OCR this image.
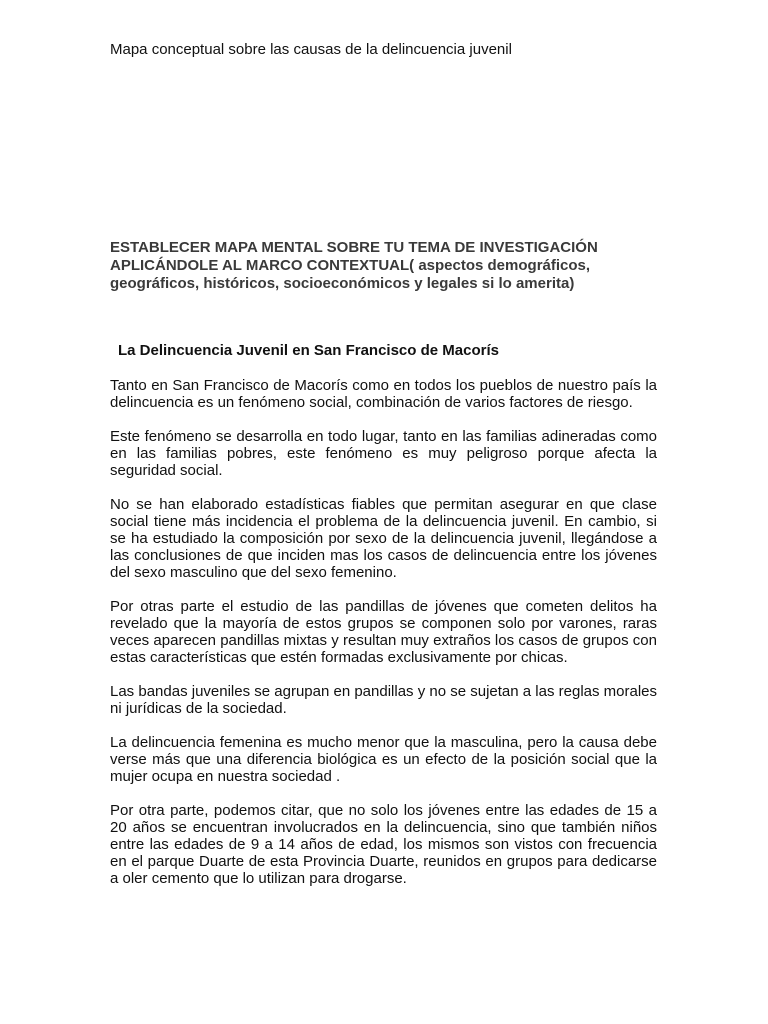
Mapa conceptual sobre las causas de la delincuencia juvenil

ESTABLECER MAPA MENTAL SOBRE TU TEMA DE INVESTIGACIÓN APLICÁNDOLE AL MARCO CONTEXTUAL( aspectos demográficos, geográficos, históricos, socioeconómicos y legales si lo amerita)

La Delincuencia Juvenil en San Francisco de Macorís

Tanto en San Francisco de Macorís como en todos los pueblos de nuestro país la delincuencia es un fenómeno social, combinación de varios factores de riesgo.

Este fenómeno se desarrolla en todo lugar, tanto en las familias adineradas como en las familias pobres, este fenómeno es muy peligroso porque afecta la seguridad social.

No se han elaborado estadísticas fiables que permitan asegurar en que clase social tiene más incidencia el problema de la delincuencia juvenil. En cambio, si se ha estudiado la composición por sexo de la delincuencia juvenil, llegándose a las conclusiones de que inciden mas los casos de delincuencia entre los jóvenes del sexo masculino que del sexo femenino.

Por otras parte el estudio de las pandillas de jóvenes que cometen delitos ha revelado que la mayoría de estos grupos se componen solo por varones, raras veces aparecen pandillas mixtas y resultan muy extraños los casos de grupos con estas características que estén formadas exclusivamente por chicas.

Las bandas juveniles se agrupan en pandillas y no se sujetan a las reglas morales ni jurídicas de la sociedad.

La delincuencia femenina es mucho menor que la masculina, pero la causa debe verse más que una diferencia biológica es un efecto de la posición social que la mujer ocupa en nuestra sociedad .

Por otra parte, podemos citar, que no solo los jóvenes entre las edades de 15 a 20 años se encuentran involucrados en la delincuencia, sino que también niños entre las edades de 9 a 14 años de edad, los mismos son vistos con frecuencia en el parque Duarte de esta Provincia Duarte, reunidos en grupos para dedicarse a oler cemento que lo utilizan para drogarse.
